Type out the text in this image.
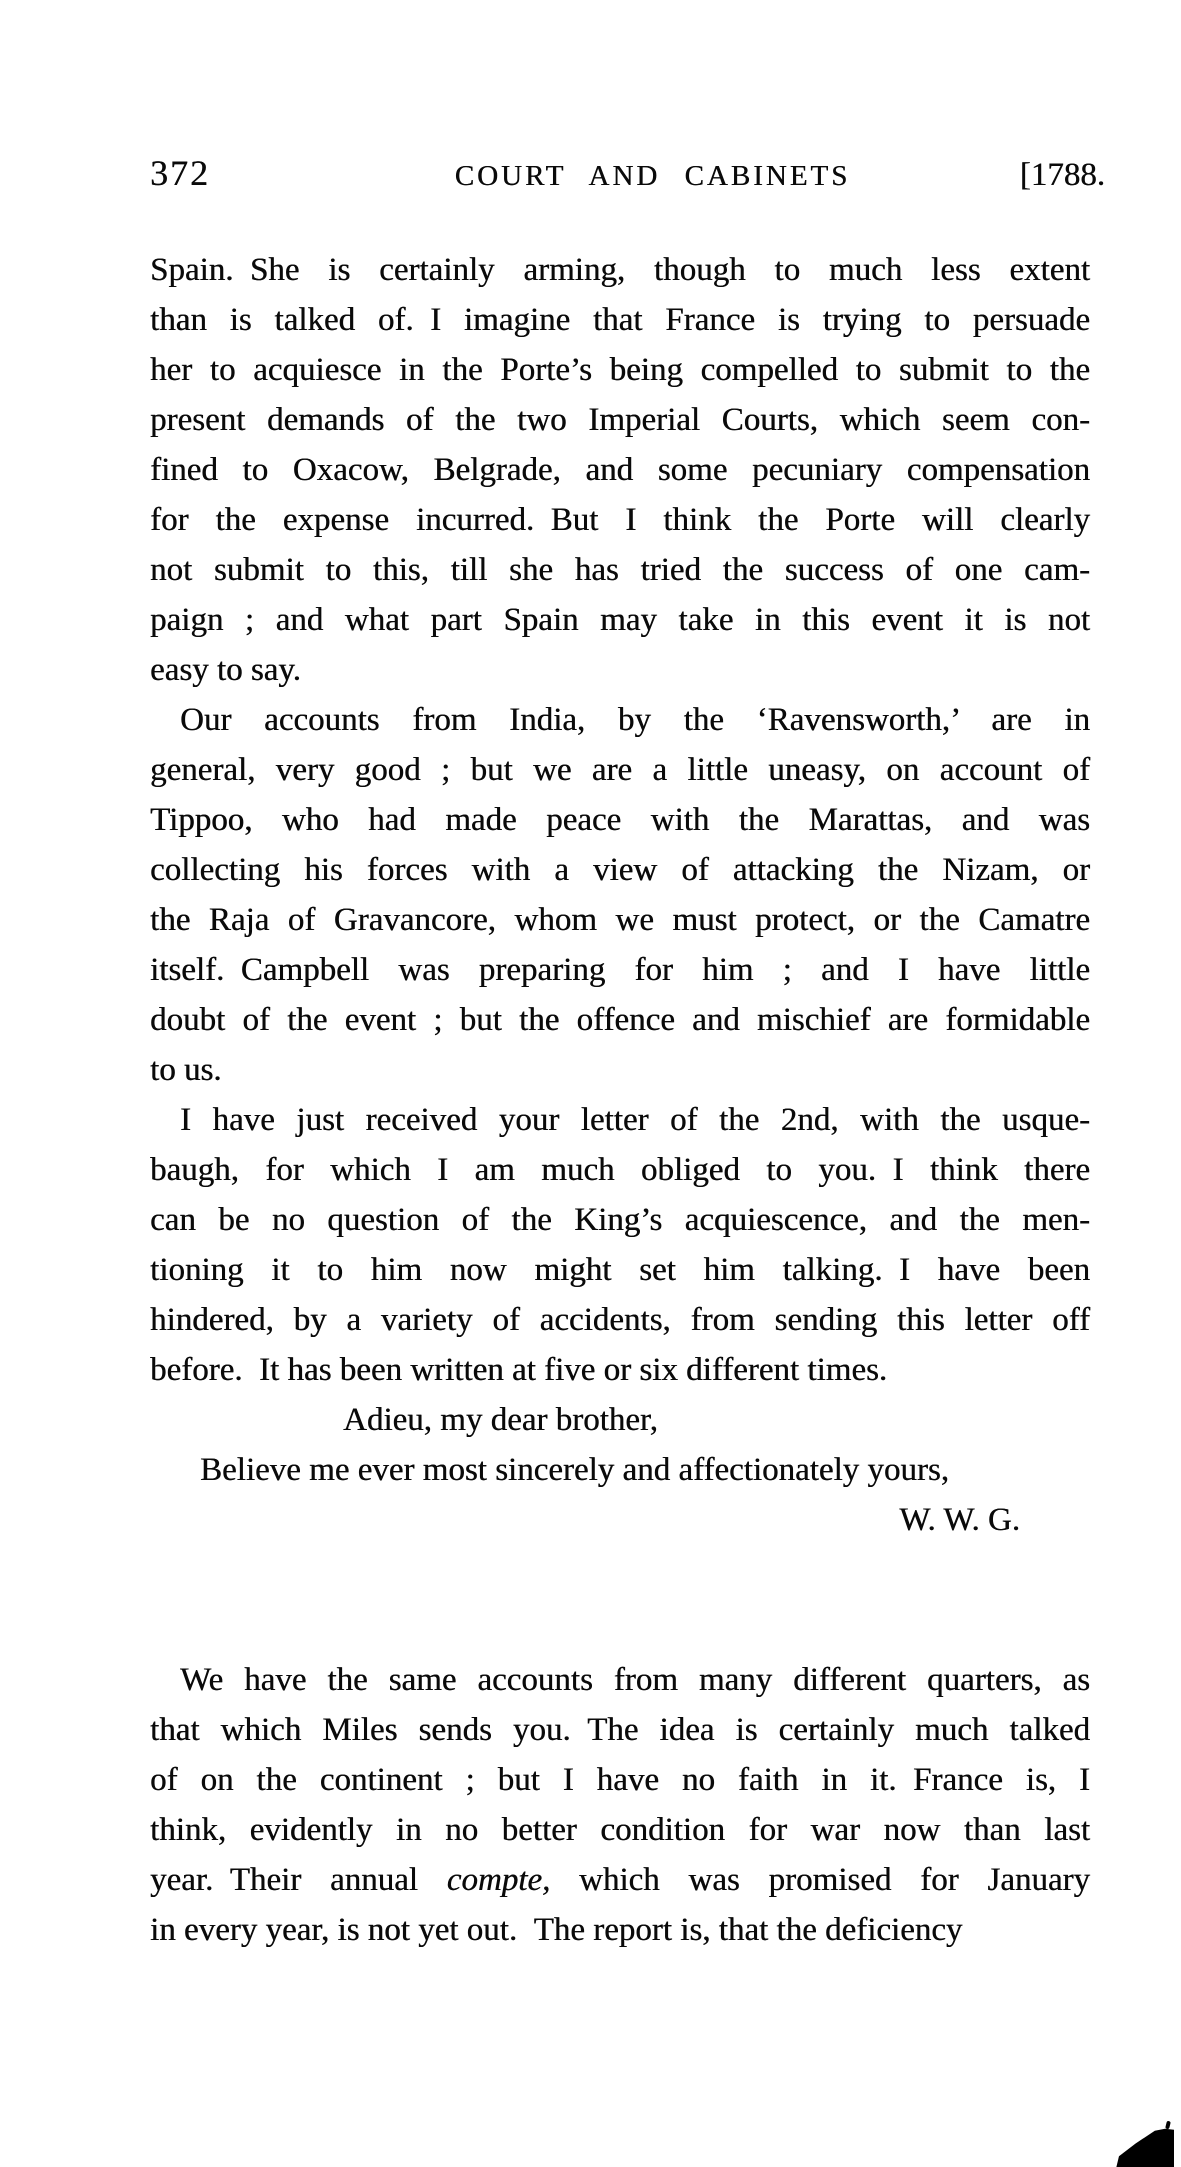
372	COURT AND CABINETS	[1788.
Spain. She is certainly arming, though to much less extent
than is talked of. I imagine that France is trying to persuade
her to acquiesce in the Porte’s being compelled to submit to the
present demands of the two Imperial Courts, which seem con-
fined to Oxacow, Belgrade, and some pecuniary compensation
for the expense incurred. But I think the Porte will clearly
not submit to this, till she has tried the success of one cam-
paign ; and what part Spain may take in this event it is not
easy to say.
Our accounts from India, by the ‘Ravensworth,’ are in
general, very good ; but we are a little uneasy, on account of
Tippoo, who had made peace with the Marattas, and was
collecting his forces with a view of attacking the Nizam, or
the Raja of Gravancore, whom we must protect, or the Camatre
itself. Campbell was preparing for him ; and I have little
doubt of the event ; but the offence and mischief are formidable
to us.
I have just received your letter of the 2nd, with the usque-
baugh, for which I am much obliged to you. I think there
can be no question of the King’s acquiescence, and the men-
tioning it to him now might set him talking. I have been
hindered, by a variety of accidents, from sending this letter off
before. It has been written at five or six different times.
Adieu, my dear brother,
Believe me ever most sincerely and affectionately yours,
W. W. G.
We have the same accounts from many different quarters, as
that which Miles sends you. The idea is certainly much talked
of on the continent ; but I have no faith in it. France is, I
think, evidently in no better condition for war now than last
year. Their annual compte, which was promised for January
in every year, is not yet out. The report is, that the deficiency
